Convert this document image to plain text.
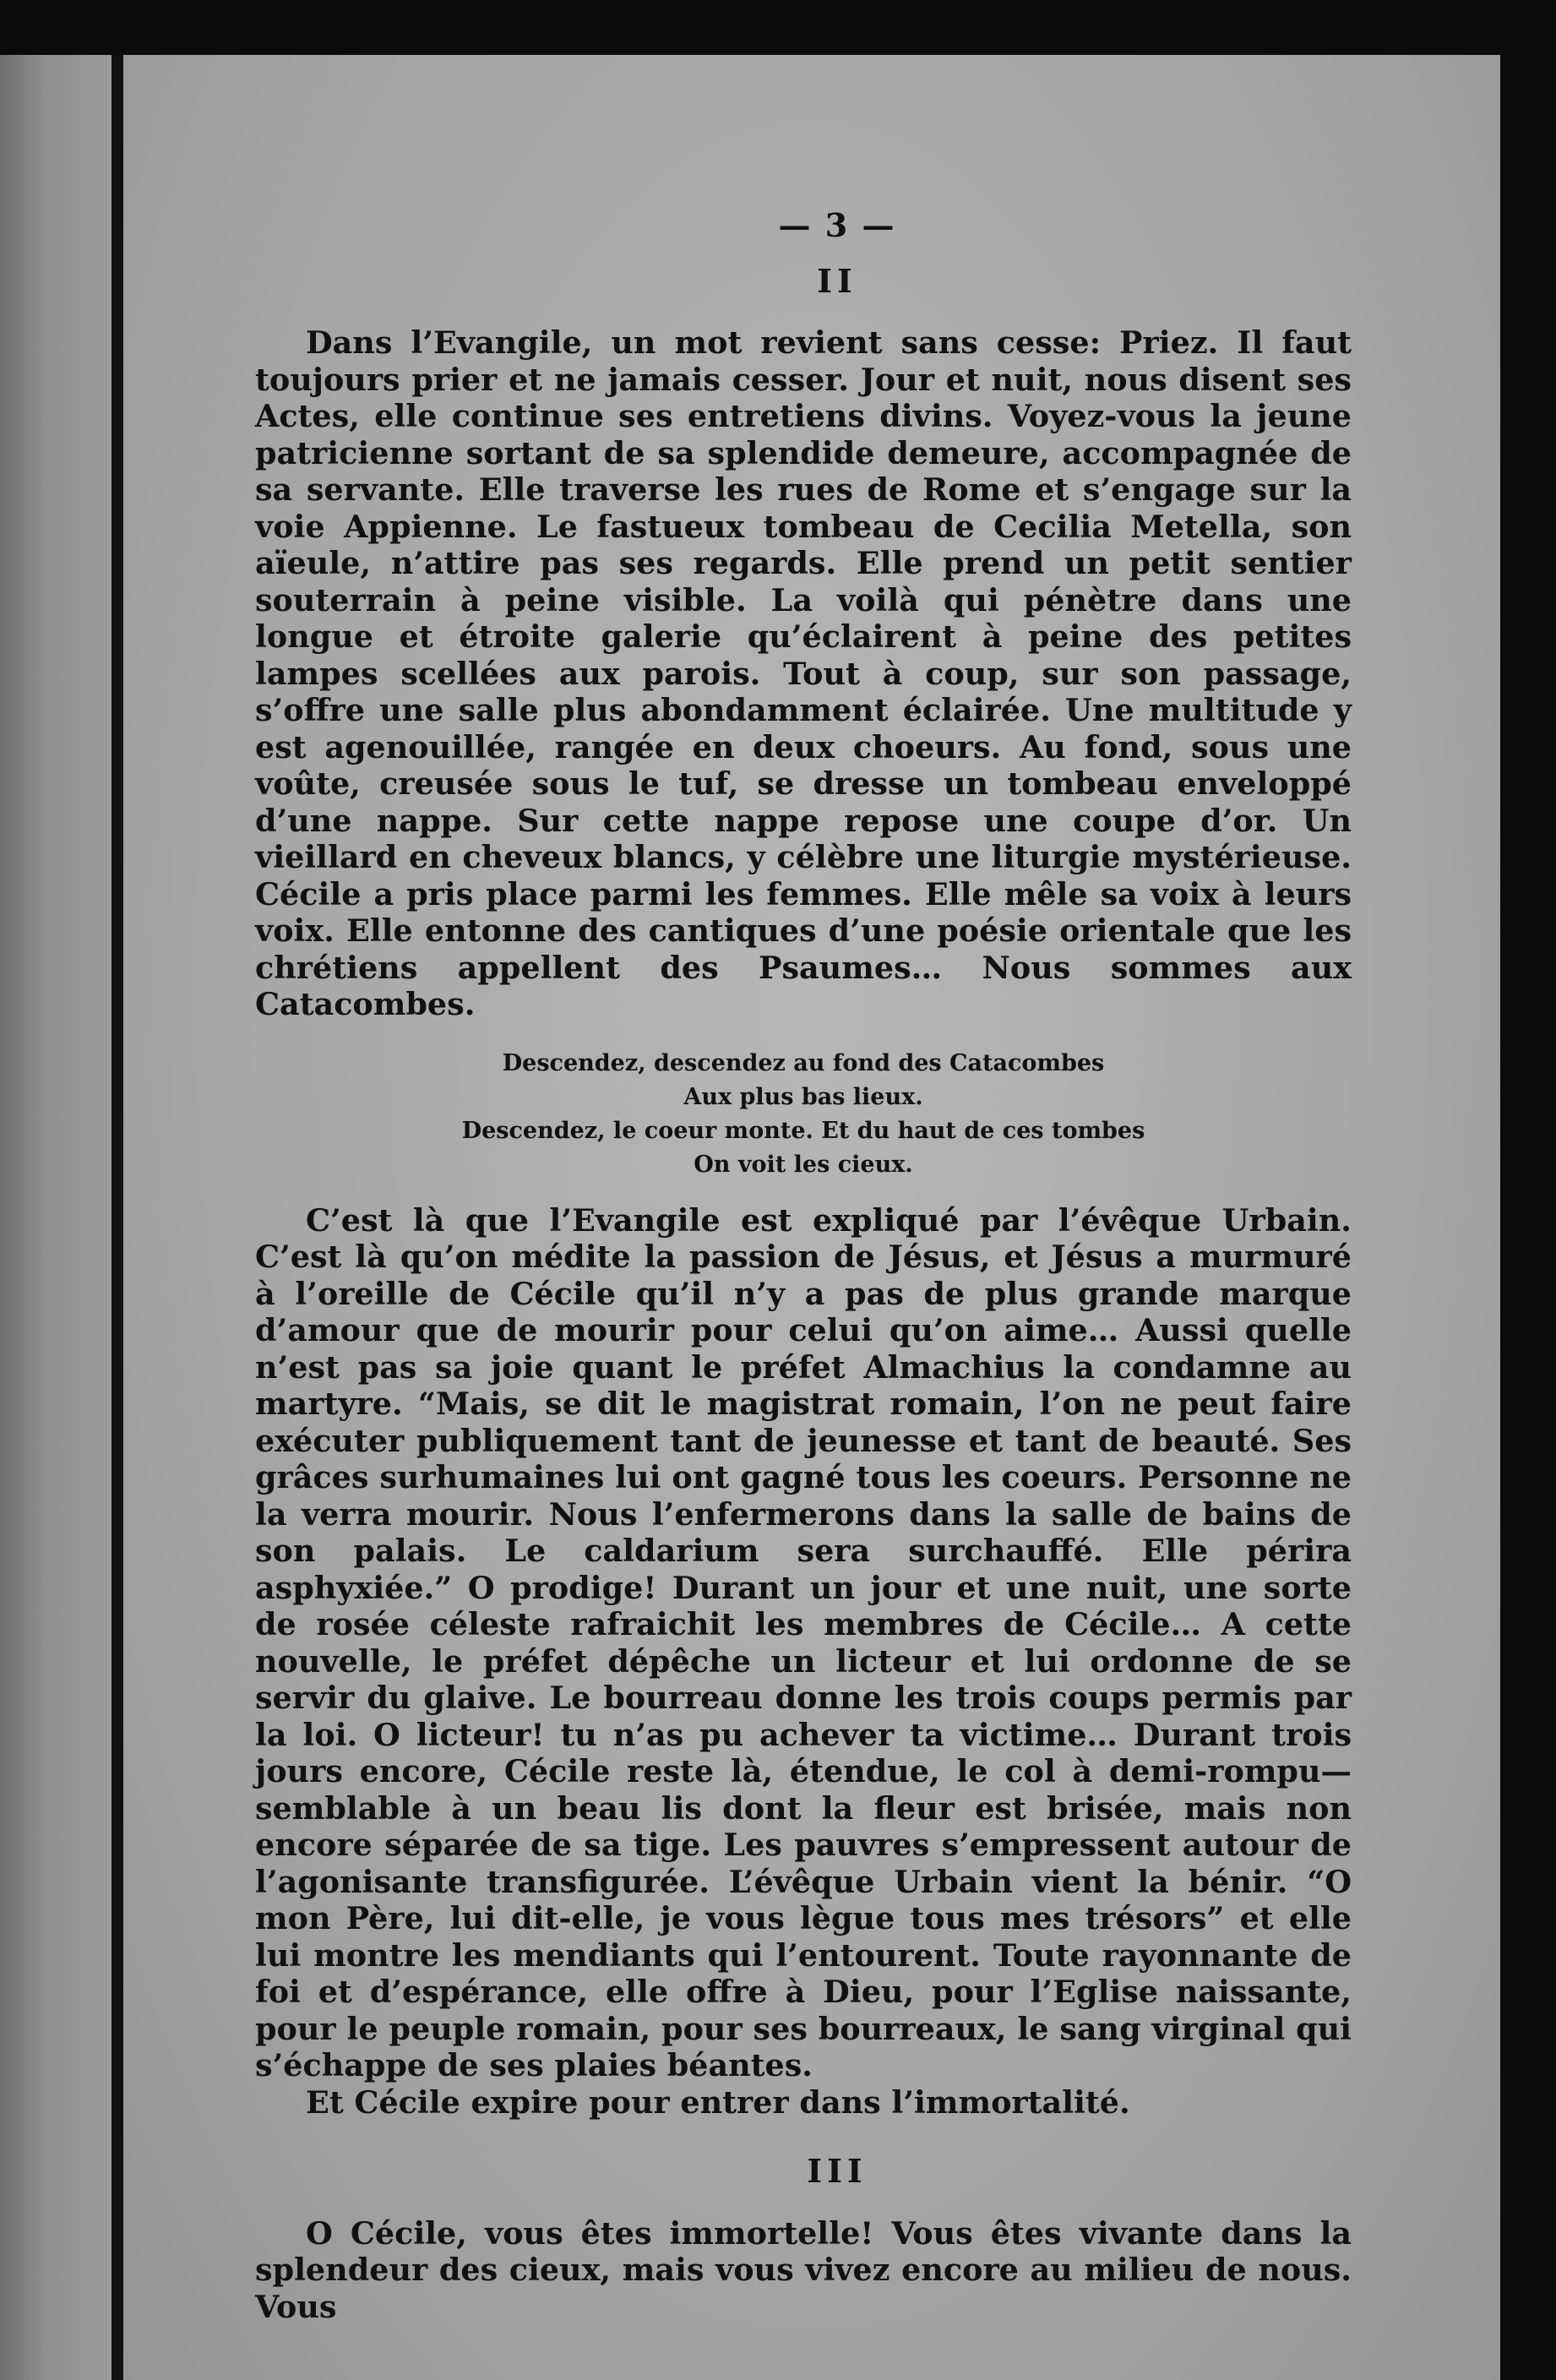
— 3 —
II

Dans l’Evangile, un mot revient sans cesse: Priez. Il faut toujours prier et ne jamais cesser. Jour et nuit, nous disent ses Actes, elle continue ses entretiens divins. Voyez-vous la jeune patricienne sortant de sa splendide demeure, accompagnée de sa servante. Elle traverse les rues de Rome et s’engage sur la voie Appienne. Le fastueux tombeau de Cecilia Metella, son aïeule, n’attire pas ses regards. Elle prend un petit sentier souterrain à peine visible. La voilà qui pénètre dans une longue et étroite galerie qu’éclairent à peine des petites lampes scellées aux parois. Tout à coup, sur son passage, s’offre une salle plus abondamment éclairée. Une multitude y est agenouillée, rangée en deux choeurs. Au fond, sous une voûte, creusée sous le tuf, se dresse un tombeau enveloppé d’une nappe. Sur cette nappe repose une coupe d’or. Un vieillard en cheveux blancs, y célèbre une liturgie mystérieuse. Cécile a pris place parmi les femmes. Elle mêle sa voix à leurs voix. Elle entonne des cantiques d’une poésie orientale que les chrétiens appellent des Psaumes… Nous sommes aux Catacombes.

Descendez, descendez au fond des Catacombes
Aux plus bas lieux.
Descendez, le coeur monte. Et du haut de ces tombes
On voit les cieux.

C’est là que l’Evangile est expliqué par l’évêque Urbain. C’est là qu’on médite la passion de Jésus, et Jésus a murmuré à l’oreille de Cécile qu’il n’y a pas de plus grande marque d’amour que de mourir pour celui qu’on aime… Aussi quelle n’est pas sa joie quant le préfet Almachius la condamne au martyre. “Mais, se dit le magistrat romain, l’on ne peut faire exécuter publiquement tant de jeunesse et tant de beauté. Ses grâces surhumaines lui ont gagné tous les coeurs. Personne ne la verra mourir. Nous l’enfermerons dans la salle de bains de son palais. Le caldarium sera surchauffé. Elle périra asphyxiée.” O prodige! Durant un jour et une nuit, une sorte de rosée céleste rafraichit les membres de Cécile… A cette nouvelle, le préfet dépêche un licteur et lui ordonne de se servir du glaive. Le bourreau donne les trois coups permis par la loi. O licteur! tu n’as pu achever ta victime… Durant trois jours encore, Cécile reste là, étendue, le col à demi-rompu—semblable à un beau lis dont la fleur est brisée, mais non encore séparée de sa tige. Les pauvres s’empressent autour de l’agonisante transfigurée. L’évêque Urbain vient la bénir. “O mon Père, lui dit-elle, je vous lègue tous mes trésors” et elle lui montre les mendiants qui l’entourent. Toute rayonnante de foi et d’espérance, elle offre à Dieu, pour l’Eglise naissante, pour le peuple romain, pour ses bourreaux, le sang virginal qui s’échappe de ses plaies béantes.

Et Cécile expire pour entrer dans l’immortalité.

III

O Cécile, vous êtes immortelle! Vous êtes vivante dans la splendeur des cieux, mais vous vivez encore au milieu de nous. Vous
